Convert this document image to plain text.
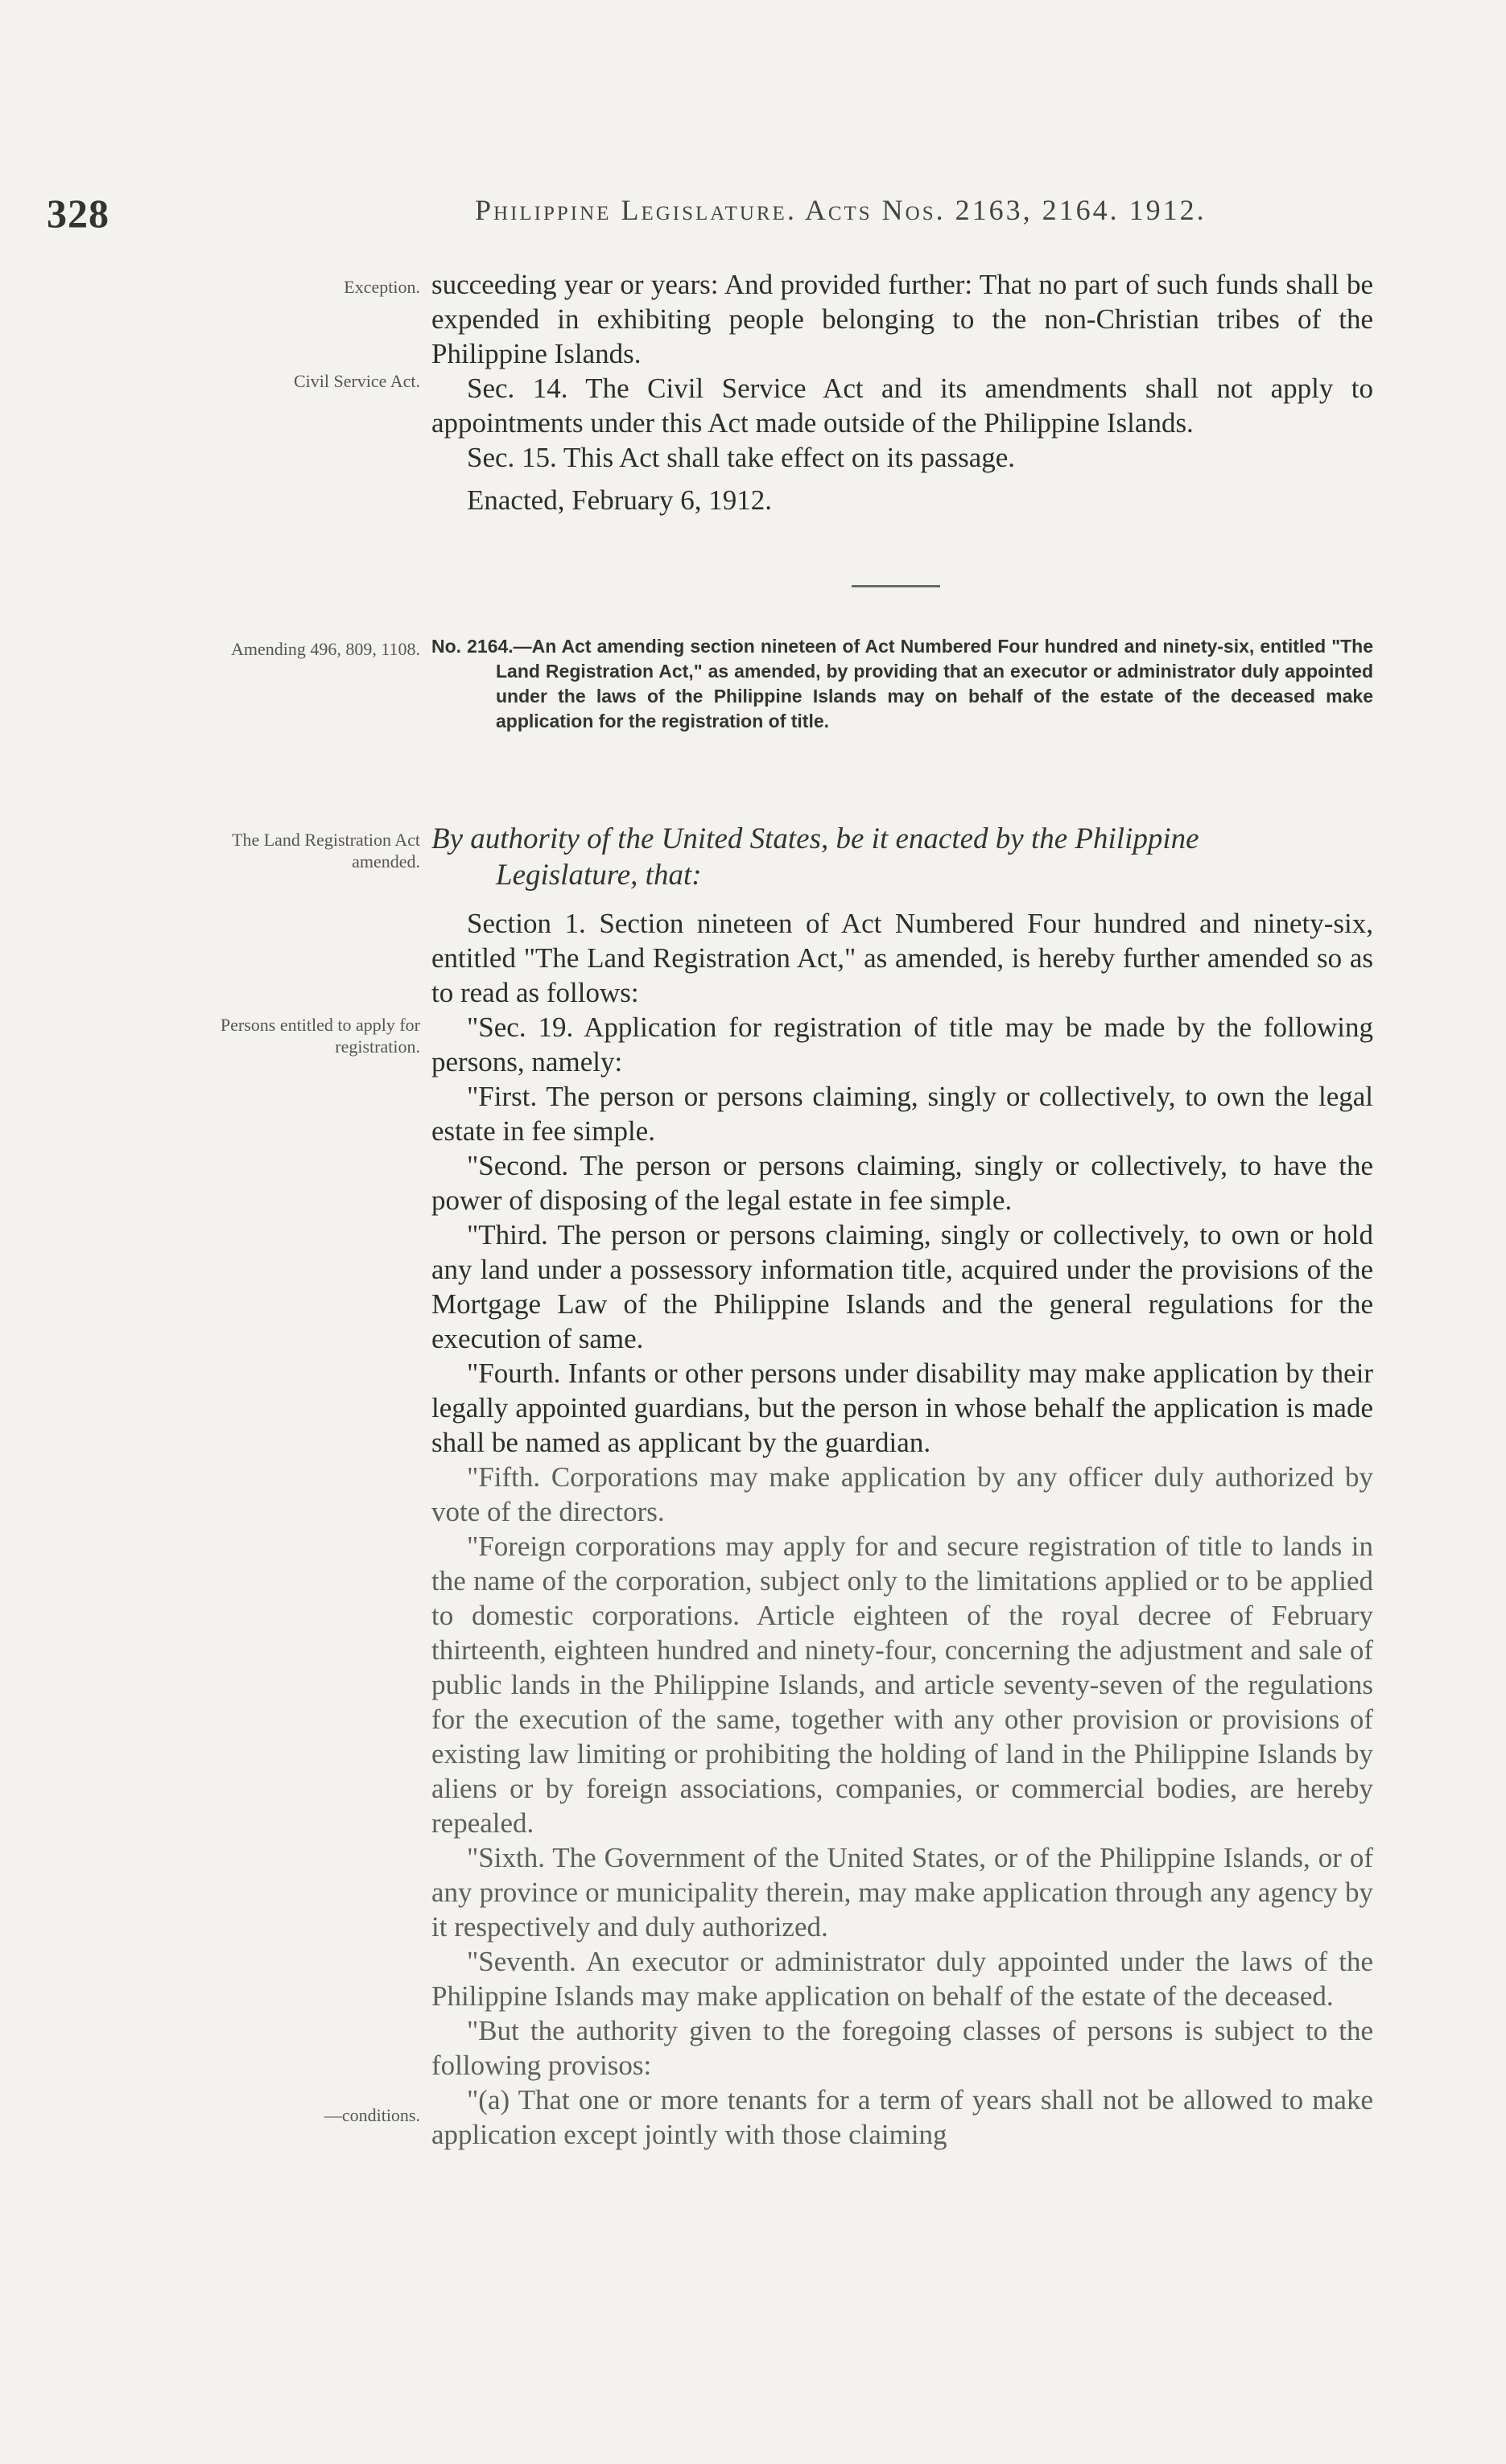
328	Philippine Legislature. Acts Nos. 2163, 2164. 1912.
Exception.
Civil Service Act.
Amending 496, 809, 1108.
The Land Registration Act amended.
Persons entitled to apply for registration.
—conditions.

succeeding year or years: And provided further: That no part of such funds shall be expended in exhibiting people belonging to the non-Christian tribes of the Philippine Islands.

Sec. 14. The Civil Service Act and its amendments shall not apply to appointments under this Act made outside of the Philippine Islands.

Sec. 15. This Act shall take effect on its passage.

Enacted, February 6, 1912.

No. 2164.—An Act amending section nineteen of Act Numbered Four hundred and ninety-six, entitled "The Land Registration Act," as amended, by providing that an executor or administrator duly appointed under the laws of the Philippine Islands may on behalf of the estate of the deceased make application for the registration of title.
By authority of the United States, be it enacted by the Philippine
Legislature, that:

Section 1. Section nineteen of Act Numbered Four hundred and ninety-six, entitled "The Land Registration Act," as amended, is hereby further amended so as to read as follows:

"Sec. 19. Application for registration of title may be made by the following persons, namely:

"First. The person or persons claiming, singly or collectively, to own the legal estate in fee simple.

"Second. The person or persons claiming, singly or collectively, to have the power of disposing of the legal estate in fee simple.

"Third. The person or persons claiming, singly or collectively, to own or hold any land under a possessory information title, acquired under the provisions of the Mortgage Law of the Philippine Islands and the general regulations for the execution of same.

"Fourth. Infants or other persons under disability may make application by their legally appointed guardians, but the person in whose behalf the application is made shall be named as applicant by the guardian.

"Fifth. Corporations may make application by any officer duly authorized by vote of the directors.

"Foreign corporations may apply for and secure registration of title to lands in the name of the corporation, subject only to the limitations applied or to be applied to domestic corporations. Article eighteen of the royal decree of February thirteenth, eighteen hundred and ninety-four, concerning the adjustment and sale of public lands in the Philippine Islands, and article seventy-seven of the regulations for the execution of the same, together with any other provision or provisions of existing law limiting or prohibiting the holding of land in the Philippine Islands by aliens or by foreign associations, companies, or commercial bodies, are hereby repealed.

"Sixth. The Government of the United States, or of the Philippine Islands, or of any province or municipality therein, may make application through any agency by it respectively and duly authorized.

"Seventh. An executor or administrator duly appointed under the laws of the Philippine Islands may make application on behalf of the estate of the deceased.

"But the authority given to the foregoing classes of persons is subject to the following provisos:

"(a) That one or more tenants for a term of years shall not be allowed to make application except jointly with those claiming
